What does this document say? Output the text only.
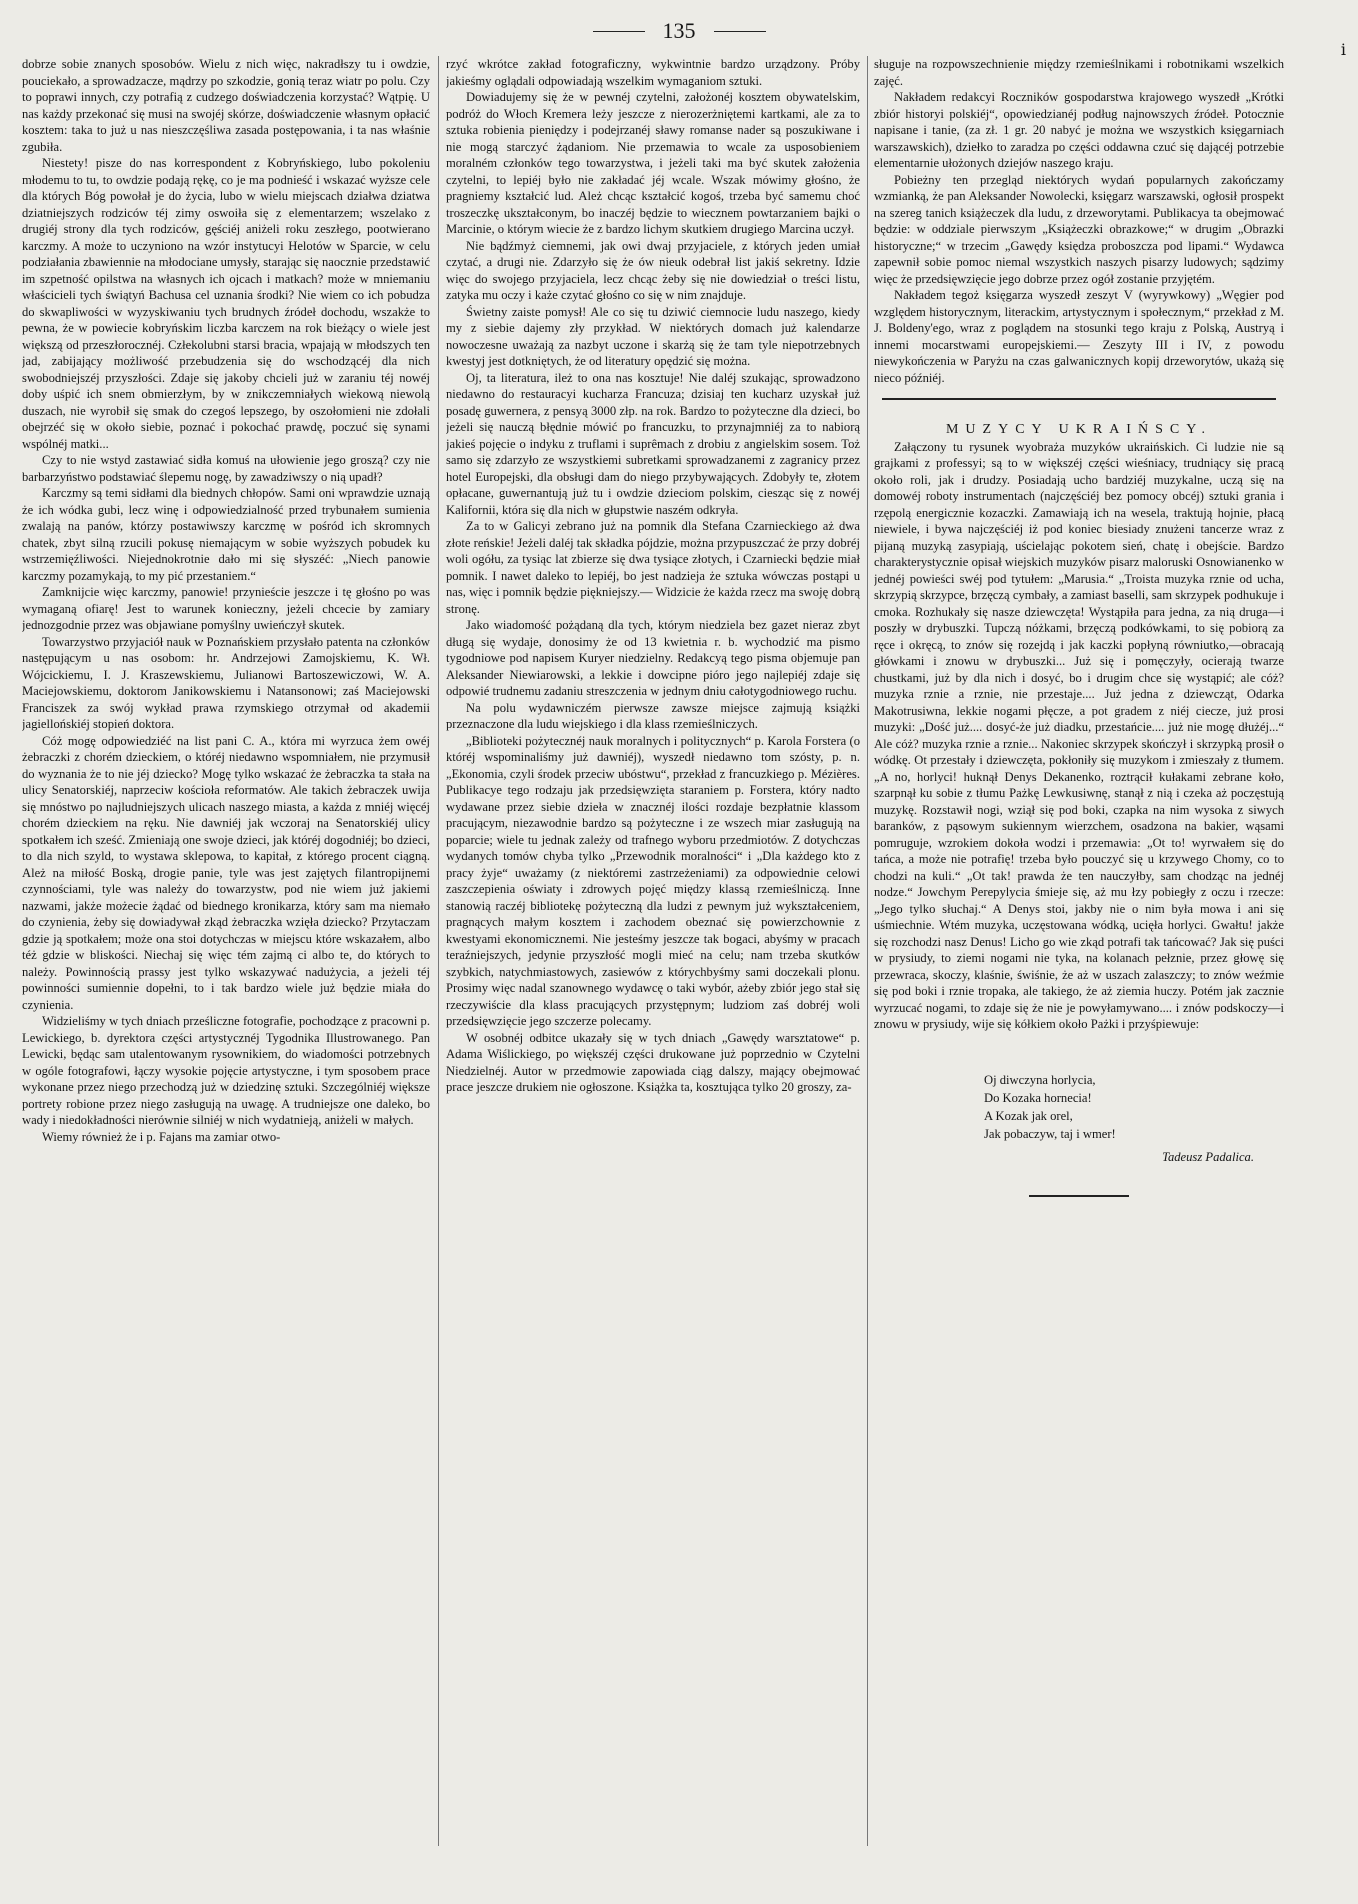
135
i

dobrze sobie znanych sposobów. Wielu z nich więc, nakradłszy tu i owdzie, pouciekało, a sprowadzacze, mądrzy po szkodzie, gonią teraz wiatr po polu. Czy to poprawi innych, czy potrafią z cudzego doświadczenia korzystać? Wątpię. U nas każdy przekonać się musi na swojéj skórze, doświadczenie własnym opłacić kosztem: taka to już u nas nieszczęśliwa zasada postępowania, i ta nas właśnie zgubiła.

Niestety! pisze do nas korrespondent z Kobryńskiego, lubo pokoleniu młodemu to tu, to owdzie podają rękę, co je ma podnieść i wskazać wyższe cele dla których Bóg powołał je do życia, lubo w wielu miejscach działwa dziatwa dziatniejszych rodziców téj zimy oswoiła się z elementarzem; wszelako z drugiéj strony dla tych rodziców, gęściéj aniżeli roku zeszłego, pootwierano karczmy. A może to uczyniono na wzór instytucyi Helotów w Sparcie, w celu podziałania zbawiennie na młodociane umysły, starając się naocznie przedstawić im szpetność opilstwa na własnych ich ojcach i matkach? może w mniemaniu właścicieli tych świątyń Bachusa cel uznania środki? Nie wiem co ich pobudza do skwapliwości w wyzyskiwaniu tych brudnych źródeł dochodu, wszakże to pewna, że w powiecie kobryńskim liczba karczem na rok bieżący o wiele jest większą od przeszłorocznéj. Człekolubni starsi bracia, wpajają w młodszych ten jad, zabijający możliwość przebudzenia się do wschodzącéj dla nich swobodniejszéj przyszłości. Zdaje się jakoby chcieli już w zaraniu téj nowéj doby uśpić ich snem obmierzłym, by w znikczemniałych wiekową niewolą duszach, nie wyrobił się smak do czegoś lepszego, by oszołomieni nie zdołali obejrzéć się w około siebie, poznać i pokochać prawdę, poczuć się synami wspólnéj matki...

Czy to nie wstyd zastawiać sidła komuś na ułowienie jego groszą? czy nie barbarzyństwo podstawiać ślepemu nogę, by zawadziwszy o nią upadł?

Karczmy są temi sidłami dla biednych chłopów. Sami oni wprawdzie uznają że ich wódka gubi, lecz winę i odpowiedzialność przed trybunałem sumienia zwalają na panów, którzy postawiwszy karczmę w pośród ich skromnych chatek, zbyt silną rzucili pokusę niemającym w sobie wyższych pobudek ku wstrzemięźliwości. Niejednokrotnie dało mi się słyszéć: „Niech panowie karczmy pozamykają, to my pić przestaniem.“

Zamknijcie więc karczmy, panowie! przynieście jeszcze i tę głośno po was wymaganą ofiarę! Jest to warunek konieczny, jeżeli chcecie by zamiary jednozgodnie przez was objawiane pomyślny uwieńczył skutek.

Towarzystwo przyjaciół nauk w Poznańskiem przysłało patenta na członków następującym u nas osobom: hr. Andrzejowi Zamojskiemu, K. Wł. Wójcickiemu, I. J. Kraszewskiemu, Julianowi Bartoszewiczowi, W. A. Maciejowskiemu, doktorom Janikowskiemu i Natansonowi; zaś Maciejowski Franciszek za swój wykład prawa rzymskiego otrzymał od akademii jagiellońskiéj stopień doktora.

Cóż mogę odpowiedziéć na list pani C. A., która mi wyrzuca żem owéj żebraczki z chorém dzieckiem, o któréj niedawno wspomniałem, nie przymusił do wyznania że to nie jéj dziecko? Mogę tylko wskazać że żebraczka ta stała na ulicy Senatorskiéj, naprzeciw kościoła reformatów. Ale takich żebraczek uwija się mnóstwo po najludniejszych ulicach naszego miasta, a każda z mniéj więcéj chorém dzieckiem na ręku. Nie dawniéj jak wczoraj na Senatorskiéj ulicy spotkałem ich sześć. Zmieniają one swoje dzieci, jak któréj dogodniéj; bo dzieci, to dla nich szyld, to wystawa sklepowa, to kapitał, z którego procent ciągną. Ależ na miłość Boską, drogie panie, tyle was jest zajętych filantropijnemi czynnościami, tyle was należy do towarzystw, pod nie wiem już jakiemi nazwami, jakże możecie żądać od biednego kronikarza, który sam ma niemało do czynienia, żeby się dowiadywał zkąd żebraczka wzięła dziecko? Przytaczam gdzie ją spotkałem; może ona stoi dotychczas w miejscu które wskazałem, albo téż gdzie w bliskości. Niechaj się więc tém zajmą ci albo te, do których to należy. Powinnością prassy jest tylko wskazywać nadużycia, a jeżeli téj powinności sumiennie dopełni, to i tak bardzo wiele już będzie miała do czynienia.

Widzieliśmy w tych dniach prześliczne fotografie, pochodzące z pracowni p. Lewickiego, b. dyrektora części artystycznéj Tygodnika Illustrowanego. Pan Lewicki, będąc sam utalentowanym rysownikiem, do wiadomości potrzebnych w ogóle fotografowi, łączy wysokie pojęcie artystyczne, i tym sposobem prace wykonane przez niego przechodzą już w dziedzinę sztuki. Szczególniéj większe portrety robione przez niego zasługują na uwagę. A trudniejsze one daleko, bo wady i niedokładności nierównie silniéj w nich wydatnieją, aniżeli w małych.

Wiemy również że i p. Fajans ma zamiar otwo-

rzyć wkrótce zakład fotograficzny, wykwintnie bardzo urządzony. Próby jakieśmy oglądali odpowiadają wszelkim wymaganiom sztuki.

Dowiadujemy się że w pewnéj czytelni, założonéj kosztem obywatelskim, podróż do Włoch Kremera leży jeszcze z nierozerżniętemi kartkami, ale za to sztuka robienia pieniędzy i podejrzanéj sławy romanse nader są poszukiwane i nie mogą starczyć żądaniom. Nie przemawia to wcale za usposobieniem moralném członków tego towarzystwa, i jeżeli taki ma być skutek założenia czytelni, to lepiéj było nie zakładać jéj wcale. Wszak mówimy głośno, że pragniemy kształcić lud. Ależ chcąc kształcić kogoś, trzeba być samemu choć troszeczkę ukształconym, bo inaczéj będzie to wiecznem powtarzaniem bajki o Marcinie, o którym wiecie że z bardzo lichym skutkiem drugiego Marcina uczył.

Nie bądźmyż ciemnemi, jak owi dwaj przyjaciele, z których jeden umiał czytać, a drugi nie. Zdarzyło się że ów nieuk odebrał list jakiś sekretny. Idzie więc do swojego przyjaciela, lecz chcąc żeby się nie dowiedział o treści listu, zatyka mu oczy i każe czytać głośno co się w nim znajduje.

Świetny zaiste pomysł! Ale co się tu dziwić ciemnocie ludu naszego, kiedy my z siebie dajemy zły przykład. W niektórych domach już kalendarze nowoczesne uważają za nazbyt uczone i skarżą się że tam tyle niepotrzebnych kwestyj jest dotkniętych, że od literatury opędzić się można.

Oj, ta literatura, ileż to ona nas kosztuje! Nie daléj szukając, sprowadzono niedawno do restauracyi kucharza Francuza; dzisiaj ten kucharz uzyskał już posadę guwernera, z pensyą 3000 złp. na rok. Bardzo to pożyteczne dla dzieci, bo jeżeli się nauczą błędnie mówić po francuzku, to przynajmniéj za to nabiorą jakieś pojęcie o indyku z truflami i suprêmach z drobiu z angielskim sosem. Toż samo się zdarzyło ze wszystkiemi subretkami sprowadzanemi z zagranicy przez hotel Europejski, dla obsługi dam do niego przybywających. Zdobyły te, złotem opłacane, guwernantują już tu i owdzie dzieciom polskim, ciesząc się z nowéj Kalifornii, która się dla nich w głupstwie naszém odkryła.

Za to w Galicyi zebrano już na pomnik dla Stefana Czarnieckiego aż dwa złote reńskie! Jeżeli daléj tak składka pójdzie, można przypuszczać że przy dobréj woli ogółu, za tysiąc lat zbierze się dwa tysiące złotych, i Czarniecki będzie miał pomnik. I nawet daleko to lepiéj, bo jest nadzieja że sztuka wówczas postąpi u nas, więc i pomnik będzie piękniejszy.— Widzicie że każda rzecz ma swoję dobrą stronę.

Jako wiadomość pożądaną dla tych, którym niedziela bez gazet nieraz zbyt długą się wydaje, donosimy że od 13 kwietnia r. b. wychodzić ma pismo tygodniowe pod napisem Kuryer niedzielny. Redakcyą tego pisma objemuje pan Aleksander Niewiarowski, a lekkie i dowcipne pióro jego najlepiéj zdaje się odpowié trudnemu zadaniu streszczenia w jednym dniu całotygodniowego ruchu.

Na polu wydawniczém pierwsze zawsze miejsce zajmują książki przeznaczone dla ludu wiejskiego i dla klass rzemieślniczych.

„Biblioteki pożytecznéj nauk moralnych i politycznych“ p. Karola Forstera (o któréj wspominaliśmy już dawniéj), wyszedł niedawno tom szósty, p. n. „Ekonomia, czyli środek przeciw ubóstwu“, przekład z francuzkiego p. Mézières. Publikacye tego rodzaju jak przedsięwzięta staraniem p. Forstera, który nadto wydawane przez siebie dzieła w znacznéj ilości rozdaje bezpłatnie klassom pracującym, niezawodnie bardzo są pożyteczne i ze wszech miar zasługują na poparcie; wiele tu jednak zależy od trafnego wyboru przedmiotów. Z dotychczas wydanych tomów chyba tylko „Przewodnik moralności“ i „Dla każdego kto z pracy żyje“ uważamy (z niektóremi zastrzeżeniami) za odpowiednie celowi zaszczepienia oświaty i zdrowych pojęć między klassą rzemieślniczą. Inne stanowią raczéj bibliotekę pożyteczną dla ludzi z pewnym już wykształceniem, pragnących małym kosztem i zachodem obeznać się powierzchownie z kwestyami ekonomicznemi. Nie jesteśmy jeszcze tak bogaci, abyśmy w pracach teraźniejszych, jedynie przyszłość mogli mieć na celu; nam trzeba skutków szybkich, natychmiastowych, zasiewów z którychbyśmy sami doczekali plonu. Prosimy więc nadal szanownego wydawcę o taki wybór, ażeby zbiór jego stał się rzeczywiście dla klass pracujących przystępnym; ludziom zaś dobréj woli przedsięwzięcie jego szczerze polecamy.

W osobnéj odbitce ukazały się w tych dniach „Gawędy warsztatowe“ p. Adama Wiślickiego, po większéj części drukowane już poprzednio w Czytelni Niedzielnéj. Autor w przedmowie zapowiada ciąg dalszy, mający obejmować prace jeszcze drukiem nie ogłoszone. Książka ta, kosztująca tylko 20 groszy, za-

sługuje na rozpowszechnienie między rzemieślnikami i robotnikami wszelkich zajęć.

Nakładem redakcyi Roczników gospodarstwa krajowego wyszedł „Krótki zbiór historyi polskiéj“, opowiedzianéj podług najnowszych źródeł. Potocznie napisane i tanie, (za zł. 1 gr. 20 nabyć je można we wszystkich księgarniach warszawskich), dziełko to zaradza po części oddawna czuć się dającéj potrzebie elementarnie ułożonych dziejów naszego kraju.

Pobieżny ten przegląd niektórych wydań popularnych zakończamy wzmianką, że pan Aleksander Nowolecki, księgarz warszawski, ogłosił prospekt na szereg tanich książeczek dla ludu, z drzeworytami. Publikacya ta obejmować będzie: w oddziale pierwszym „Książeczki obrazkowe;“ w drugim „Obrazki historyczne;“ w trzecim „Gawędy księdza proboszcza pod lipami.“ Wydawca zapewnił sobie pomoc niemal wszystkich naszych pisarzy ludowych; sądzimy więc że przedsięwzięcie jego dobrze przez ogół zostanie przyjętém.

Nakładem tegoż księgarza wyszedł zeszyt V (wyrywkowy) „Węgier pod względem historycznym, literackim, artystycznym i społecznym,“ przekład z M. J. Boldeny'ego, wraz z poglądem na stosunki tego kraju z Polską, Austryą i innemi mocarstwami europejskiemi.— Zeszyty III i IV, z powodu niewykończenia w Paryżu na czas galwanicznych kopij drzeworytów, ukażą się nieco późniéj.

MUZYCY UKRAIŃSCY.

Załączony tu rysunek wyobraża muzyków ukraińskich. Ci ludzie nie są grajkami z professyi; są to w większéj części wieśniacy, trudniący się pracą około roli, jak i drudzy. Posiadają ucho bardziéj muzykalne, uczą się na domowéj roboty instrumentach (najczęściéj bez pomocy obcéj) sztuki grania i rzępolą energicznie kozaczki. Zamawiają ich na wesela, traktują hojnie, płacą niewiele, i bywa najczęściéj iż pod koniec biesiady znużeni tancerze wraz z pijaną muzyką zasypiają, uścielając pokotem sień, chatę i obejście. Bardzo charakterystycznie opisał wiejskich muzyków pisarz maloruski Osnowianenko w jednéj powieści swéj pod tytułem: „Marusia.“ „Troista muzyka rznie od ucha, skrzypią skrzypce, brzęczą cymbały, a zamiast baselli, sam skrzypek podhukuje i cmoka. Rozhukały się nasze dziewczęta! Wystąpiła para jedna, za nią druga—i poszły w drybuszki. Tupczą nóżkami, brzęczą podkówkami, to się pobiorą za ręce i okręcą, to znów się rozejdą i jak kaczki popłyną równiutko,—obracają główkami i znowu w drybuszki... Już się i pomęczyły, ocierają twarze chustkami, już by dla nich i dosyć, bo i drugim chce się wystąpić; ale cóż? muzyka rznie a rznie, nie przestaje.... Już jedna z dziewcząt, Odarka Makotrusiwna, lekkie nogami płęcze, a pot gradem z niéj ciecze, już prosi muzyki: „Dość już.... dosyć-że już diadku, przestańcie.... już nie mogę dłużéj...“ Ale cóż? muzyka rznie a rznie... Nakoniec skrzypek skończył i skrzypką prosił o wódkę. Ot przestały i dziewczęta, pokłoniły się muzykom i zmieszały z tłumem. „A no, horlyci! huknął Denys Dekanenko, roztrącił kułakami zebrane koło, szarpnął ku sobie z tłumu Pażkę Lewkusiwnę, stanął z nią i czeka aż poczęstują muzykę. Rozstawił nogi, wziął się pod boki, czapka na nim wysoka z siwych baranków, z pąsowym sukiennym wierzchem, osadzona na bakier, wąsami pomruguje, wzrokiem dokoła wodzi i przemawia: „Ot to! wyrwałem się do tańca, a może nie potrafię! trzeba było pouczyć się u krzywego Chomy, co to chodzi na kuli.“ „Ot tak! prawda że ten nauczyłby, sam chodząc na jednéj nodze.“ Jowchym Perepylycia śmieje się, aż mu łzy pobiegły z oczu i rzecze: „Jego tylko słuchaj.“ A Denys stoi, jakby nie o nim była mowa i ani się uśmiechnie. Wtém muzyka, uczęstowana wódką, ucięła horlyci. Gwałtu! jakże się rozchodzi nasz Denus! Licho go wie zkąd potrafi tak tańcować? Jak się puści w prysiudy, to ziemi nogami nie tyka, na kolanach pełznie, przez głowę się przewraca, skoczy, klaśnie, świśnie, że aż w uszach zalaszczy; to znów weźmie się pod boki i rznie tropaka, ale takiego, że aż ziemia huczy. Potém jak zacznie wyrzucać nogami, to zdaje się że nie je powyłamywano.... i znów podskoczy—i znowu w prysiudy, wije się kółkiem około Pażki i przyśpiewuje:

Oj diwczyna horlycia,
Do Kozaka hornecia!
A Kozak jak orel,
Jak pobaczyw, taj i wmer!
Tadeusz Padalica.
